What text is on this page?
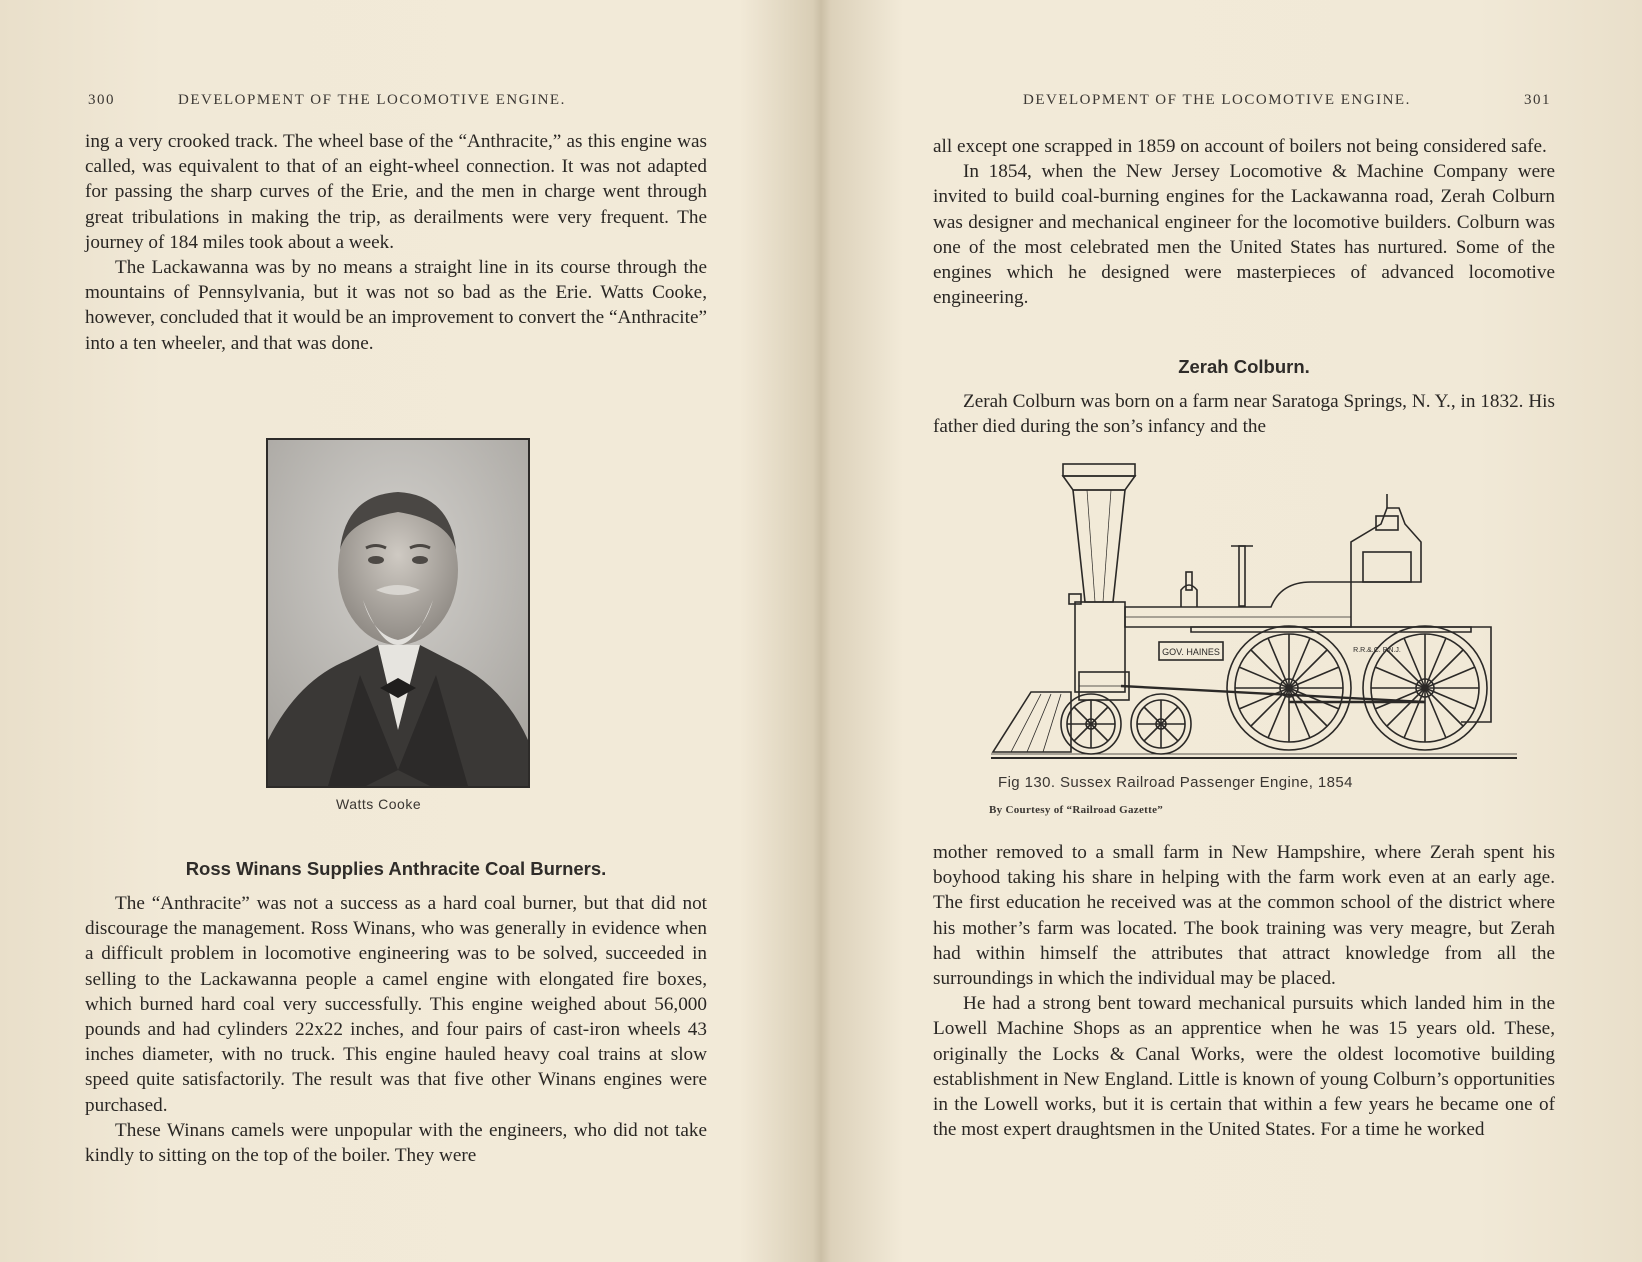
300	DEVELOPMENT OF THE LOCOMOTIVE ENGINE.

ing a very crooked track. The wheel base of the “Anthracite,” as this engine was called, was equivalent to that of an eight-wheel connection. It was not adapted for passing the sharp curves of the Erie, and the men in charge went through great tribulations in making the trip, as derailments were very frequent. The journey of 184 miles took about a week.

The Lackawanna was by no means a straight line in its course through the mountains of Pennsylvania, but it was not so bad as the Erie. Watts Cooke, however, concluded that it would be an improvement to convert the “Anthracite” into a ten wheeler, and that was done.

Watts Cooke
Ross Winans Supplies Anthracite Coal Burners.

The “Anthracite” was not a success as a hard coal burner, but that did not discourage the management. Ross Winans, who was generally in evidence when a difficult problem in locomotive engineering was to be solved, succeeded in selling to the Lackawanna people a camel engine with elongated fire boxes, which burned hard coal very successfully. This engine weighed about 56,000 pounds and had cylinders 22x22 inches, and four pairs of cast-iron wheels 43 inches diameter, with no truck. This engine hauled heavy coal trains at slow speed quite satisfactorily. The result was that five other Winans engines were purchased.

These Winans camels were unpopular with the engineers, who did not take kindly to sitting on the top of the boiler. They were

DEVELOPMENT OF THE LOCOMOTIVE ENGINE.	301

all except one scrapped in 1859 on account of boilers not being considered safe.

In 1854, when the New Jersey Locomotive & Machine Company were invited to build coal-burning engines for the Lackawanna road, Zerah Colburn was designer and mechanical engineer for the locomotive builders. Colburn was one of the most celebrated men the United States has nurtured. Some of the engines which he designed were masterpieces of advanced locomotive engineering.

Zerah Colburn.

Zerah Colburn was born on a farm near Saratoga Springs, N. Y., in 1832. His father died during the son’s infancy and the

GOV. HAINES	R.R.&.C. P.N.J.
Fig 130. Sussex Railroad Passenger Engine, 1854
By Courtesy of “Railroad Gazette”

mother removed to a small farm in New Hampshire, where Zerah spent his boyhood taking his share in helping with the farm work even at an early age. The first education he received was at the common school of the district where his mother’s farm was located. The book training was very meagre, but Zerah had within himself the attributes that attract knowledge from all the surroundings in which the individual may be placed.

He had a strong bent toward mechanical pursuits which landed him in the Lowell Machine Shops as an apprentice when he was 15 years old. These, originally the Locks & Canal Works, were the oldest locomotive building establishment in New England. Little is known of young Colburn’s opportunities in the Lowell works, but it is certain that within a few years he became one of the most expert draughtsmen in the United States. For a time he worked
